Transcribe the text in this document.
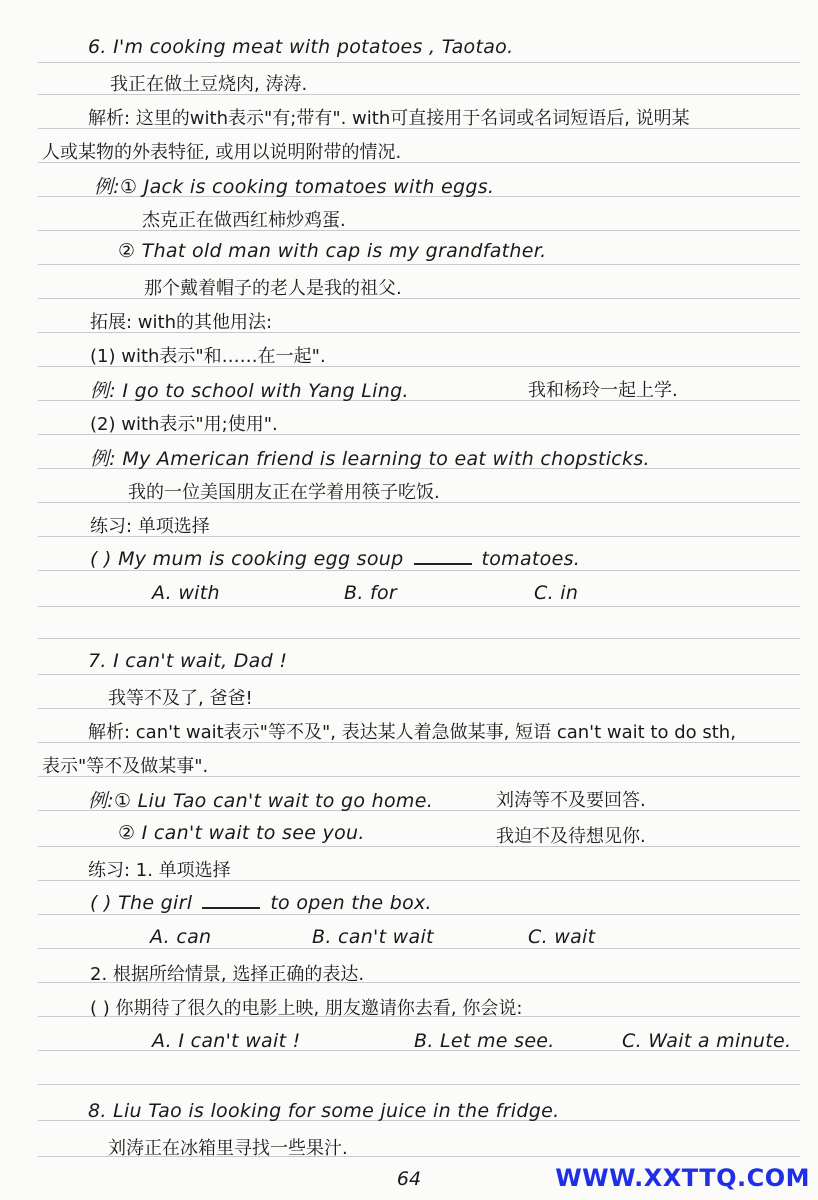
6. I'm cooking meat with potatoes , Taotao.
我正在做土豆烧肉, 涛涛.
解析: 这里的with表示"有;带有". with可直接用于名词或名词短语后, 说明某
人或某物的外表特征, 或用以说明附带的情况.
例:① Jack is cooking tomatoes with eggs.
杰克正在做西红柿炒鸡蛋.
② That old man with cap is my grandfather.
那个戴着帽子的老人是我的祖父.
拓展: with的其他用法:
(1) with表示"和……在一起".
例: I go to school with Yang Ling.	我和杨玲一起上学.
(2) with表示"用;使用".
例: My American friend is learning to eat with chopsticks.
我的一位美国朋友正在学着用筷子吃饭.
练习: 单项选择
( ) My mum is cooking egg soup	tomatoes.
A. with	B. for	C. in
7. I can't wait, Dad !
我等不及了, 爸爸!
解析: can't wait表示"等不及", 表达某人着急做某事, 短语 can't wait to do sth,
表示"等不及做某事".
例:① Liu Tao can't wait to go home.	刘涛等不及要回答.
② I can't wait to see you.	我迫不及待想见你.
练习: 1. 单项选择
( ) The girl	to open the box.
A. can	B. can't wait	C. wait
2. 根据所给情景, 选择正确的表达.
( ) 你期待了很久的电影上映, 朋友邀请你去看, 你会说:
A. I can't wait !	B. Let me see.	C. Wait a minute.
8. Liu Tao is looking for some juice in the fridge.
刘涛正在冰箱里寻找一些果汁.
64	WWW.XXTTQ.COM
